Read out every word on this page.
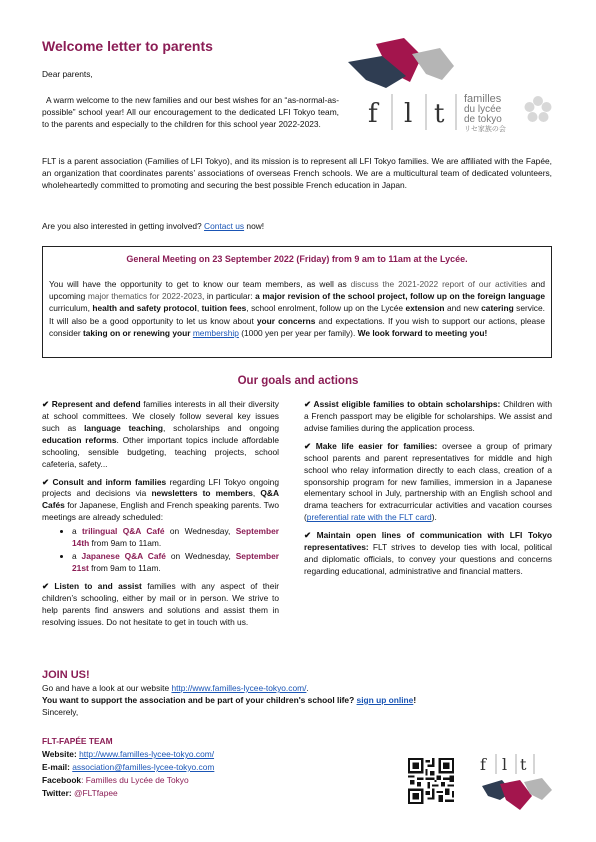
Welcome letter to parents
f l t familles
du lycée
de tokyo
リセ家族の会
Dear parents,

A warm welcome to the new families and our best wishes for an “as-normal-as-possible” school year! All our encouragement to the dedicated LFI Tokyo team, to the parents and especially to the children for this school year 2022-2023.

FLT is a parent association (Families of LFI Tokyo), and its mission is to represent all LFI Tokyo families. We are affiliated with the Fapée, an organization that coordinates parents’ associations of overseas French schools. We are a multicultural team of dedicated volunteers, wholeheartedly committed to promoting and securing the best possible French education in Japan.

Are you also interested in getting involved? Contact us now!

General Meeting on 23 September 2022 (Friday) from 9 am to 11am at the Lycée.

You will have the opportunity to get to know our team members, as well as discuss the 2021-2022 report of our activities and upcoming major thematics for 2022-2023, in particular: a major revision of the school project, follow up on the foreign language curriculum, health and safety protocol, tuition fees, school enrolment, follow up on the Lycée extension and new catering service. It will also be a good opportunity to let us know about your concerns and expectations. If you wish to support our actions, please consider taking on or renewing your membership (1000 yen per year per family). We look forward to meeting you!

Our goals and actions

✔ Represent and defend families interests in all their diversity at school committees. We closely follow several key issues such as language teaching, scholarships and ongoing education reforms. Other important topics include affordable schooling, sensible budgeting, teaching projects, school cafeteria, safety...

✔ Consult and inform families regarding LFI Tokyo ongoing projects and decisions via newsletters to members, Q&A Cafés for Japanese, English and French speaking parents. Two meetings are already scheduled:

• a trilingual Q&A Café on Wednesday, September 14th from 9am to 11am.
• a Japanese Q&A Café on Wednesday, September 21st from 9am to 11am.

✔ Listen to and assist families with any aspect of their children’s schooling, either by mail or in person. We strive to help parents find answers and solutions and assist them in resolving issues. Do not hesitate to get in touch with us.

✔ Assist eligible families to obtain scholarships: Children with a French passport may be eligible for scholarships. We assist and advise families during the application process.

✔ Make life easier for families: oversee a group of primary school parents and parent representatives for middle and high school who relay information directly to each class, creation of a sponsorship program for new families, immersion in a Japanese elementary school in July, partnership with an English school and drama teachers for extracurricular activities and vacation courses (preferential rate with the FLT card).

✔ Maintain open lines of communication with LFI Tokyo representatives: FLT strives to develop ties with local, political and diplomatic officials, to convey your questions and concerns regarding educational, administrative and financial matters.

JOIN US!

Go and have a look at our website http://www.familles-lycee-tokyo.com/.
You want to support the association and be part of your children's school life? sign up online!
Sincerely,

FLT-FAPÉE TEAM
Website: http://www.familles-lycee-tokyo.com/
E-mail: association@familles-lycee-tokyo.com
Facebook: Familles du Lycée de Tokyo
Twitter: @FLTfapee

f l t
